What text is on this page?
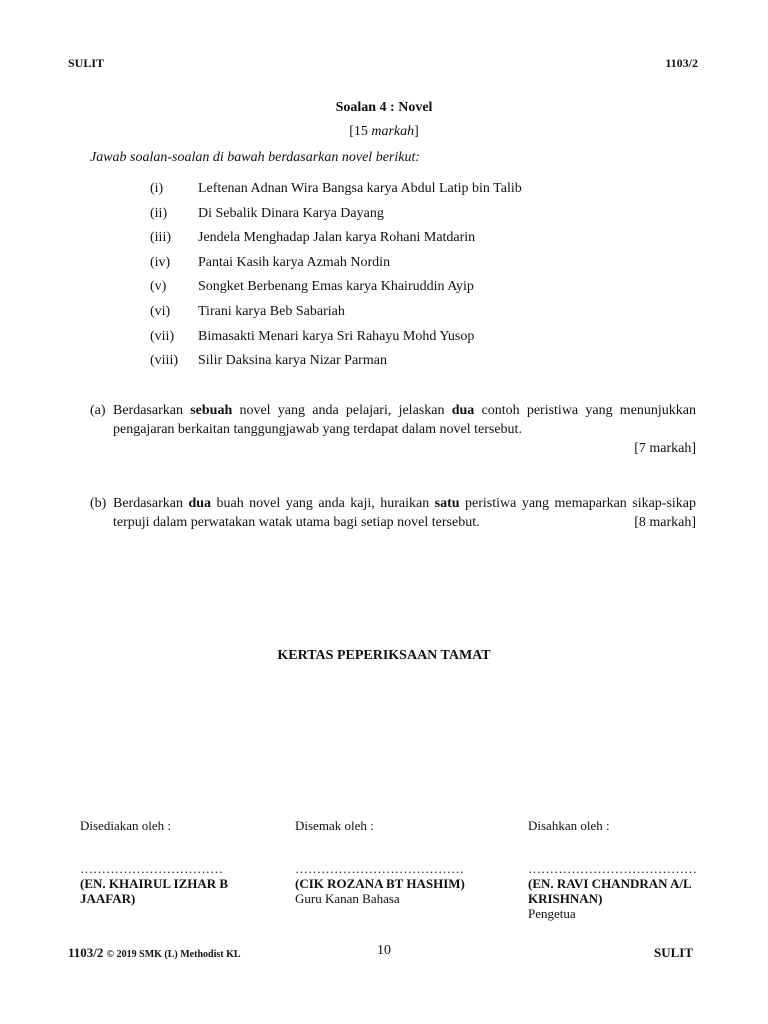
SULIT	1103/2
Soalan 4 : Novel
[15 markah]
Jawab soalan-soalan di bawah berdasarkan novel berikut:
(i)	Leftenan Adnan Wira Bangsa karya Abdul Latip bin Talib
(ii)	Di Sebalik Dinara Karya Dayang
(iii)	Jendela Menghadap Jalan karya Rohani Matdarin
(iv)	Pantai Kasih karya Azmah Nordin
(v)	Songket Berbenang Emas karya Khairuddin Ayip
(vi)	Tirani karya Beb Sabariah
(vii)	Bimasakti Menari karya Sri Rahayu Mohd Yusop
(viii)	Silir Daksina karya Nizar Parman
(a) Berdasarkan sebuah novel yang anda pelajari, jelaskan dua contoh peristiwa yang menunjukkan pengajaran berkaitan tanggungjawab yang terdapat dalam novel tersebut.
[7 markah]
(b) Berdasarkan dua buah novel yang anda kaji, huraikan satu peristiwa yang memaparkan sikap-sikap terpuji dalam perwatakan watak utama bagi setiap novel tersebut.	[8 markah]
KERTAS PEPERIKSAAN TAMAT
Disediakan oleh :
……………………………
(EN. KHAIRUL IZHAR B
JAAFAR)
Disemak oleh :
…………………………………
(CIK ROZANA BT HASHIM)
Guru Kanan Bahasa
Disahkan oleh :
…………………………………
(EN. RAVI CHANDRAN A/L
KRISHNAN)
Pengetua
1103/2 © 2019 SMK (L) Methodist KL	10	SULIT
